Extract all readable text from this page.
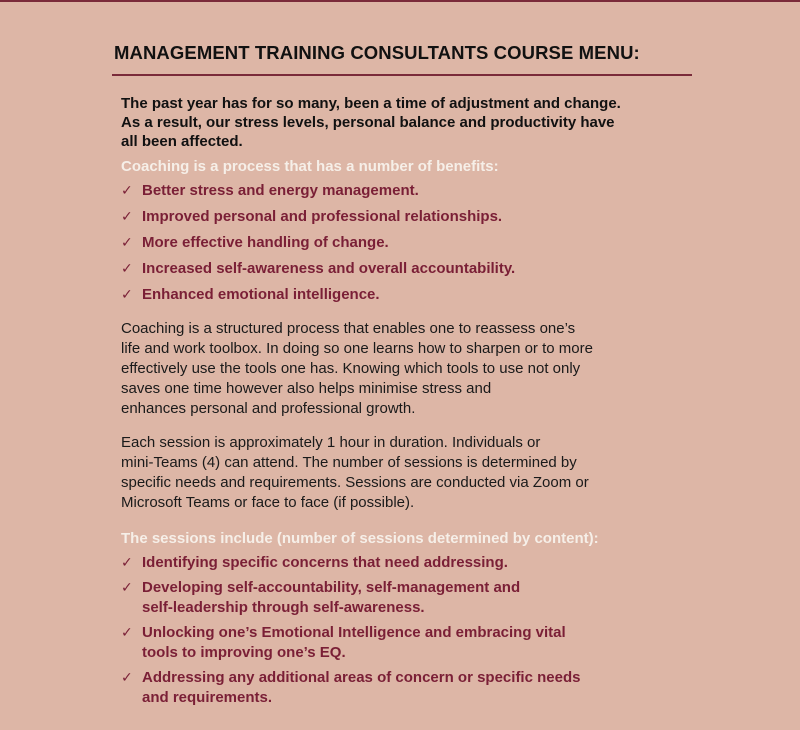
MANAGEMENT TRAINING CONSULTANTS COURSE MENU:

The past year has for so many, been a time of adjustment and change.
As a result, our stress levels, personal balance and productivity have
all been affected.

Coaching is a process that has a number of benefits:
✓ Better stress and energy management.
✓ Improved personal and professional relationships.
✓ More effective handling of change.
✓ Increased self-awareness and overall accountability.
✓ Enhanced emotional intelligence.

Coaching is a structured process that enables one to reassess one’s
life and work toolbox. In doing so one learns how to sharpen or to more
effectively use the tools one has. Knowing which tools to use not only
saves one time however also helps minimise stress and
enhances personal and professional growth.

Each session is approximately 1 hour in duration. Individuals or
mini-Teams (4) can attend. The number of sessions is determined by
specific needs and requirements. Sessions are conducted via Zoom or
Microsoft Teams or face to face (if possible).

The sessions include (number of sessions determined by content):
✓ Identifying specific concerns that need addressing.
✓ Developing self-accountability, self-management and
self-leadership through self-awareness.
✓ Unlocking one’s Emotional Intelligence and embracing vital
tools to improving one’s EQ.
✓ Addressing any additional areas of concern or specific needs
and requirements.
